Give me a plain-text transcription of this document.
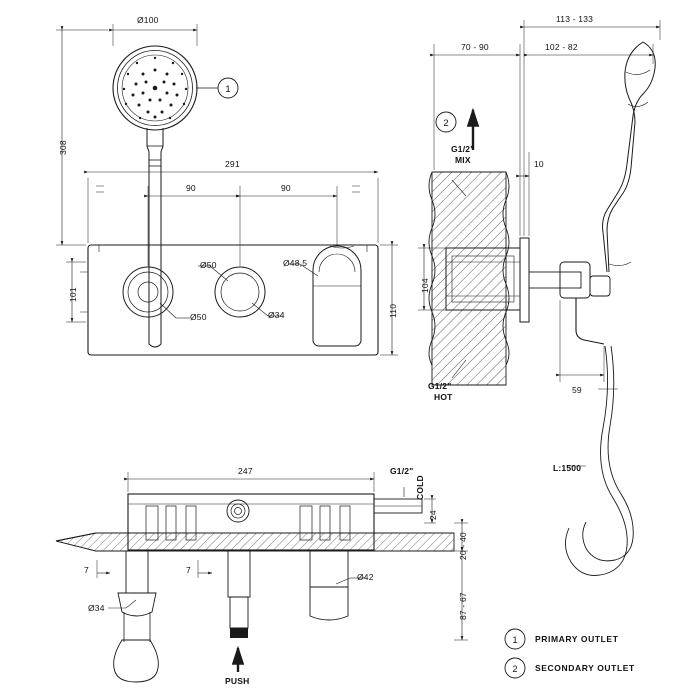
1
2
1
2
Ø100
308
291
90	90
101
110
Ø50
Ø50
Ø48,5
Ø34
113 - 133
102 - 82
70 - 90
10
104
59
G1/2"
MIX
G1/2"
HOT
L:1500
247
24
20 - 40
87 - 67
7	7
Ø34
Ø42
G1/2"
COLD
PUSH
PRIMARY OUTLET
SECONDARY OUTLET
